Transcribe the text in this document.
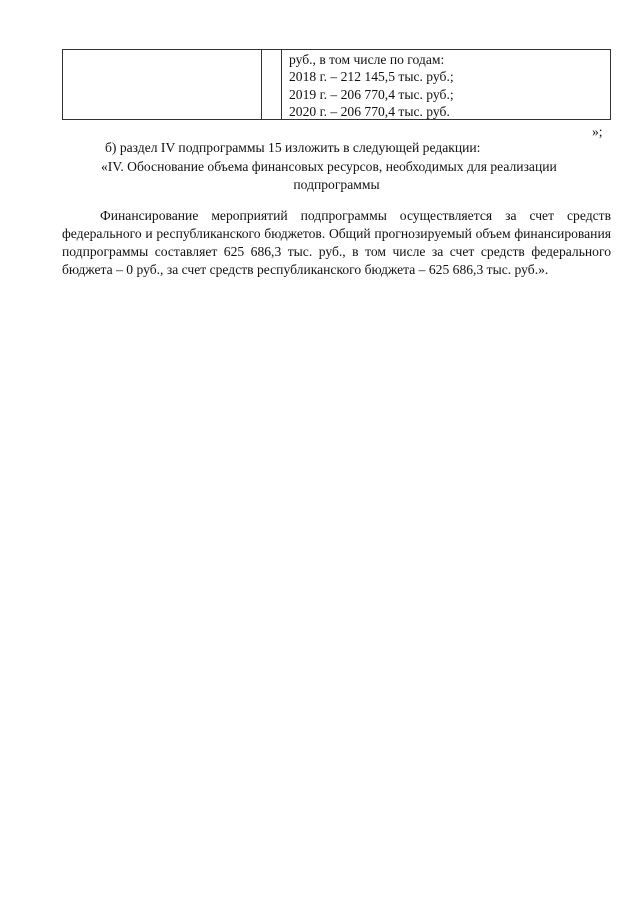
руб., в том числе по годам:
2018 г. – 212 145,5 тыс. руб.;
2019 г. – 206 770,4 тыс. руб.;
2020 г. – 206 770,4 тыс. руб.
»;
б) раздел IV подпрограммы 15 изложить в следующей редакции:
«IV. Обоснование объема финансовых ресурсов, необходимых для реализации
подпрограммы
Финансирование мероприятий подпрограммы осуществляется за счет средств федерального и республиканского бюджетов. Общий прогнозируемый объем финансирования подпрограммы составляет 625 686,3 тыс. руб., в том числе за счет средств федерального бюджета – 0 руб., за счет средств республиканского бюджета – 625 686,3 тыс. руб.».
